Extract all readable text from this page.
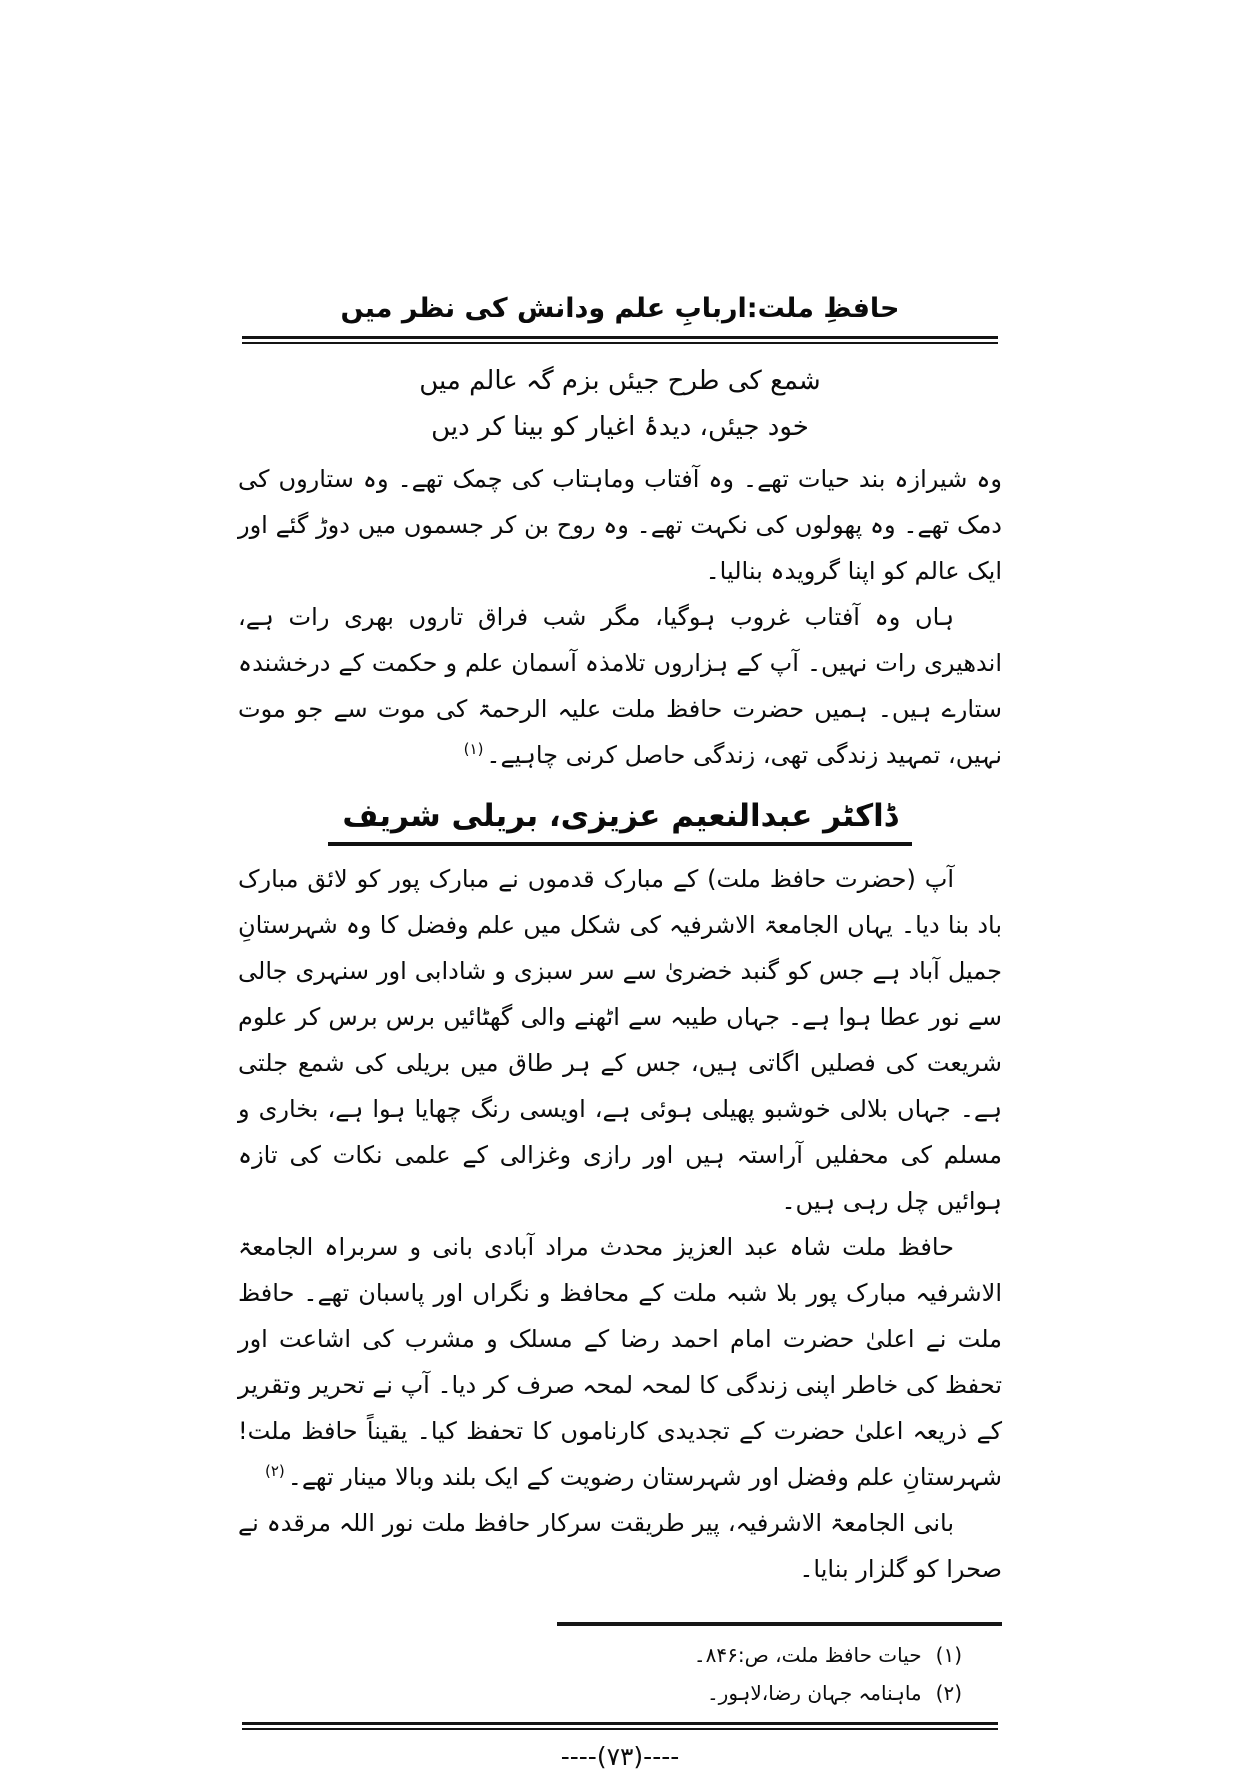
حافظِ ملت:اربابِ علم ودانش کی نظر میں
شمع کی طرح جیئں بزم گہ عالم میں
خود جیئں، دیدۂ اغیار کو بینا کر دیں

وہ شیرازہ بند حیات تھے۔ وہ آفتاب وماہتاب کی چمک تھے۔ وہ ستاروں کی دمک تھے۔ وہ پھولوں کی نکہت تھے۔ وہ روح بن کر جسموں میں دوڑ گئے اور ایک عالم کو اپنا گرویدہ بنالیا۔

ہاں وہ آفتاب غروب ہوگیا، مگر شب فراق تاروں بھری رات ہے، اندھیری رات نہیں۔ آپ کے ہزاروں تلامذہ آسمان علم و حکمت کے درخشندہ ستارے ہیں۔ ہمیں حضرت حافظ ملت علیہ الرحمۃ کی موت سے جو موت نہیں، تمہید زندگی تھی، زندگی حاصل کرنی چاہیے۔$^{(۱)}$

ڈاکٹر عبدالنعیم عزیزی، بریلی شریف

آپ (حضرت حافظ ملت) کے مبارک قدموں نے مبارک پور کو لائق مبارک باد بنا دیا۔ یہاں الجامعۃ الاشرفیہ کی شکل میں علم وفضل کا وہ شہرستانِ جمیل آباد ہے جس کو گنبد خضریٰ سے سر سبزی و شادابی اور سنہری جالی سے نور عطا ہوا ہے۔ جہاں طیبہ سے اٹھنے والی گھٹائیں برس برس کر علوم شریعت کی فصلیں اگاتی ہیں، جس کے ہر طاق میں بریلی کی شمع جلتی ہے۔ جہاں بلالی خوشبو پھیلی ہوئی ہے، اویسی رنگ چھایا ہوا ہے، بخاری و مسلم کی محفلیں آراستہ ہیں اور رازی وغزالی کے علمی نکات کی تازہ ہوائیں چل رہی ہیں۔

حافظ ملت شاہ عبد العزیز محدث مراد آبادی بانی و سربراہ الجامعۃ الاشرفیہ مبارک پور بلا شبہ ملت کے محافظ و نگراں اور پاسبان تھے۔ حافظ ملت نے اعلیٰ حضرت امام احمد رضا کے مسلک و مشرب کی اشاعت اور تحفظ کی خاطر اپنی زندگی کا لمحہ لمحہ صرف کر دیا۔ آپ نے تحریر وتقریر کے ذریعہ اعلیٰ حضرت کے تجدیدی کارناموں کا تحفظ کیا۔ یقیناً حافظ ملت!شہرستانِ علم وفضل اور شہرستان رضویت کے ایک بلند وبالا مینار تھے۔$^{(۲)}$

بانی الجامعۃ الاشرفیہ، پیر طریقت سرکار حافظ ملت نور اللہ مرقدہ نے صحرا کو گلزار بنایا۔

(۱)
حیات حافظ ملت، ص:۸۴۶۔
(۲)
ماہنامہ جہان رضا،لاہور۔
----(۷۳)----
